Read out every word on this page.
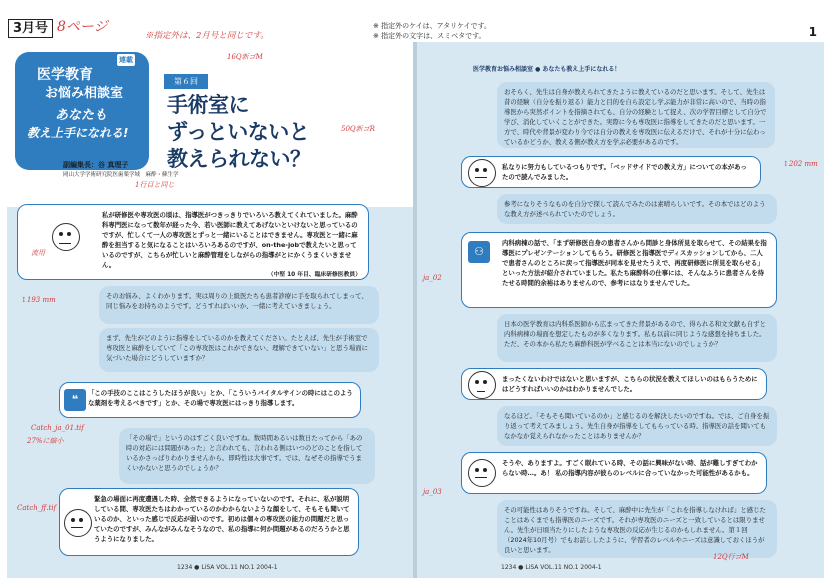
3月号 8ページ
※指定外は、2月号と同じです。
※ 指定外のケイは、アタリケイです。
※ 指定外の文字は、スミベタです。	1
連載
医学教育
お悩み相談室
あなたも
教え上手になれる!
第６回
手術室に
ずっといないと
教えられない？
16Q新ゴM
50Q新ゴR
1行目と同じ
副編集長：谷 真理子
岡山大学学術研究院医歯薬学域　麻酔・蘇生学
私が研修医や専攻医の頃は、指導医がつきっきりでいろいろ教えてくれていました。麻酔科専門医になって数年が経った今、若い医師に教えてあげないといけないと思っているのですが、忙しくて一人の専攻医とずっと一緒にいることはできません。専攻医と一緒に麻酔を担当すると気になることはいろいろあるのですが、on-the-jobで教えたいと思っているのですが、こちらが忙しいと麻酔管理をしながらの指導がとにかくうまくいきません。
（中堅 10 年目、臨床研修医教員）
流用
そのお悩み、よくわかります。実は周りの上級医たちも患者診療に手を取られてしまって、同じ悩みをお持ちのようです。どうすればいいか、一緒に考えていきましょう。
まず、先生がどのように指導をしているのかを教えてください。たとえば、先生が手術室で専攻医と麻酔をしていて「この専攻医はこれができない、理解できていない」と思う場面に気づいた場合にどうしていますか？
❝	「この手技のここはこうしたほうが良い」とか、「こういうバイタルサインの時にはこのような薬剤を考えるべきです」とか、その場で専攻医にはっきり指導します。
Catch_ja_01.tif
27%に縮小
↕193 mm
「その場で」というのはすごく良いですね。数時間あるいは数日たってから「あの時の対応には問題があった」と言われても、言われる側はいつのどのことを指しているかさっぱりわかりませんから。即時性は大事です。では、なぜその指導でうまくいかないと思うのでしょうか？
緊急の場面に再度遭遇した時、全然できるようになっていないのです。それに、私が説明している間、専攻医たちはわかっているのかわからないような顔をして、そもそも聞いているのか、といった感じで反応が弱いのです。初めは個々の専攻医の能力の問題だと思っていたのですが、みんながみんなそうなので、私の指導に何か問題があるのだろうかと思うようになりました。
Catch_ff.tif
1234 ● LiSA VOL.11 NO.1 2004-1
医学教育お悩み相談室 ● あなたも教え上手になれる！
おそらく、先生は自身が教えられてきたように教えているのだと思います。そして、先生は昔の経験（自分を振り返る）能力と目的を自ら設定し学ぶ能力が非常に高いので、当時の指導医から突然ポイントを指摘されても、自分の経験として捉え、次の学習目標として自分で学び、消化していくことができた。実際に今も専攻医に指導をしてきたのだと思います。一方で、時代や背景が変わり今では自分の教えを専攻医に伝えるだけで、それが十分に伝わっているかどうか、教える側が教え方を学ぶ必要があるのです。
私なりに努力もしているつもりです。「ベッドサイドでの教え方」についての本があったので読んでみました。
↕202 mm
参考になりそうなものを自分で探して読んでみたのは素晴らしいです。その本ではどのような教え方が述べられていたのでしょう。
⚇
内科病棟の話で、「まず研修医自身の患者さんから問診と身体所見を取らせて、その結果を指導医にプレゼンテーションしてもらう。研修医と指導医でディスカッションしてから、二人で患者さんのところに戻って指導医が同本を見せたうえで、再度研修医に所見を取らせる」といった方法が紹介されていました。私たち麻酔科の仕事には、そんなふうに患者さんを待たせる時間的余裕はありませんので、参考にはなりませんでした。
ja_02
日本の医学教育は内科系医師から広まってきた背景があるので、得られる和文文献も自ずと内科病棟の場面を想定したものが多くなります。私も以前に同じような感想を持ちました。ただ、その本から私たち麻酔科医が学べることは本当にないのでしょうか？
まったくないわけではないと思いますが、こちらの状況を教えてほしいのはもらうためにはどうすればいいのかはわかりませんでした。
なるほど。「そもそも聞いているのか」と感じるのを解決したいのですね。では、ご自身を振り返って考えてみましょう。先生自身が指導をしてもらっている時、指導医の話を聞いてもなかなか覚えられなかったことはありませんか？
そうや、ありますよ。すごく眠れている時、その話に興味がない時、話が難しすぎてわからない時…。あ！ 私の指導内容が彼らのレベルに合っていなかった可能性があるかも。
ja_03
その可能性はありそうですね。そして、麻酔中に先生が「これを指導しなければ」と感じたことはあくまでも指導医のニーズです。それが専攻医のニーズと一致しているとは限りません。先生が日頃当たりにしたような専攻医の反応が生じるのかもしれません。第１回（2024年10月号）でもお話ししたように、学習者のレベルやニーズは意識しておくほうが良いと思います。
12Q行ゴM
1234 ● LiSA VOL.11 NO.1 2004-1
